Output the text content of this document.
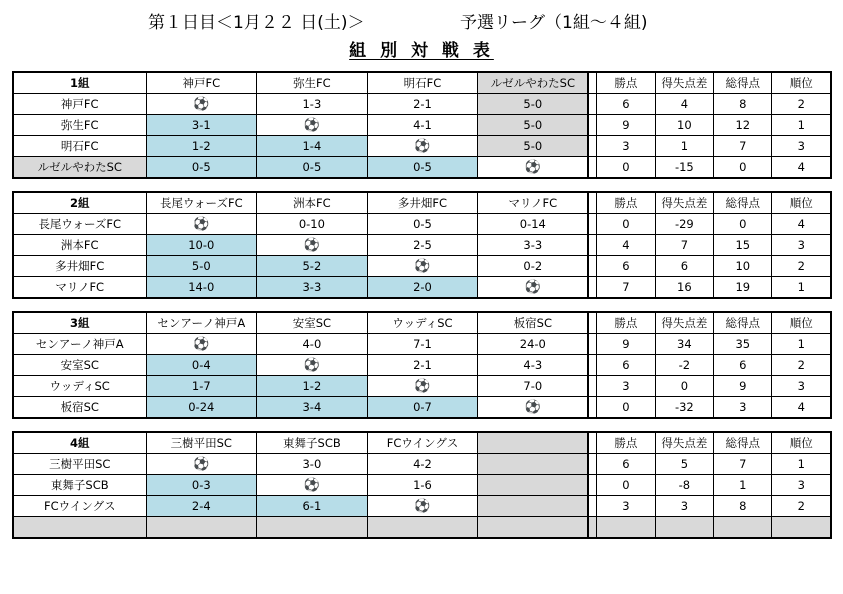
第１日目＜1月２２ 日(土)＞	予選リーグ（1組～４組)
組 別 対 戦 表
1組	神戸FC	弥生FC	明石FC	ルゼルやわたSC		勝点	得失点差	総得点	順位
神戸FC	⚽	1-3	2-1	5-0		6	4	8	2
弥生FC	3-1	⚽	4-1	5-0		9	10	12	1
明石FC	1-2	1-4	⚽	5-0		3	1	7	3
ルゼルやわたSC	0-5	0-5	0-5	⚽		0	-15	0	4
2組	長尾ウォーズFC	洲本FC	多井畑FC	マリノFC		勝点	得失点差	総得点	順位
長尾ウォーズFC	⚽	0-10	0-5	0-14		0	-29	0	4
洲本FC	10-0	⚽	2-5	3-3		4	7	15	3
多井畑FC	5-0	5-2	⚽	0-2		6	6	10	2
マリノFC	14-0	3-3	2-0	⚽		7	16	19	1
3組	センアーノ神戸A	安室SC	ウッディSC	板宿SC		勝点	得失点差	総得点	順位
センアーノ神戸A	⚽	4-0	7-1	24-0		9	34	35	1
安室SC	0-4	⚽	2-1	4-3		6	-2	6	2
ウッディSC	1-7	1-2	⚽	7-0		3	0	9	3
板宿SC	0-24	3-4	0-7	⚽		0	-32	3	4
4組	三樹平田SC	東舞子SCB	FCウイングス			勝点	得失点差	総得点	順位
三樹平田SC	⚽	3-0	4-2			6	5	7	1
東舞子SCB	0-3	⚽	1-6			0	-8	1	3
FCウイングス	2-4	6-1	⚽			3	3	8	2
